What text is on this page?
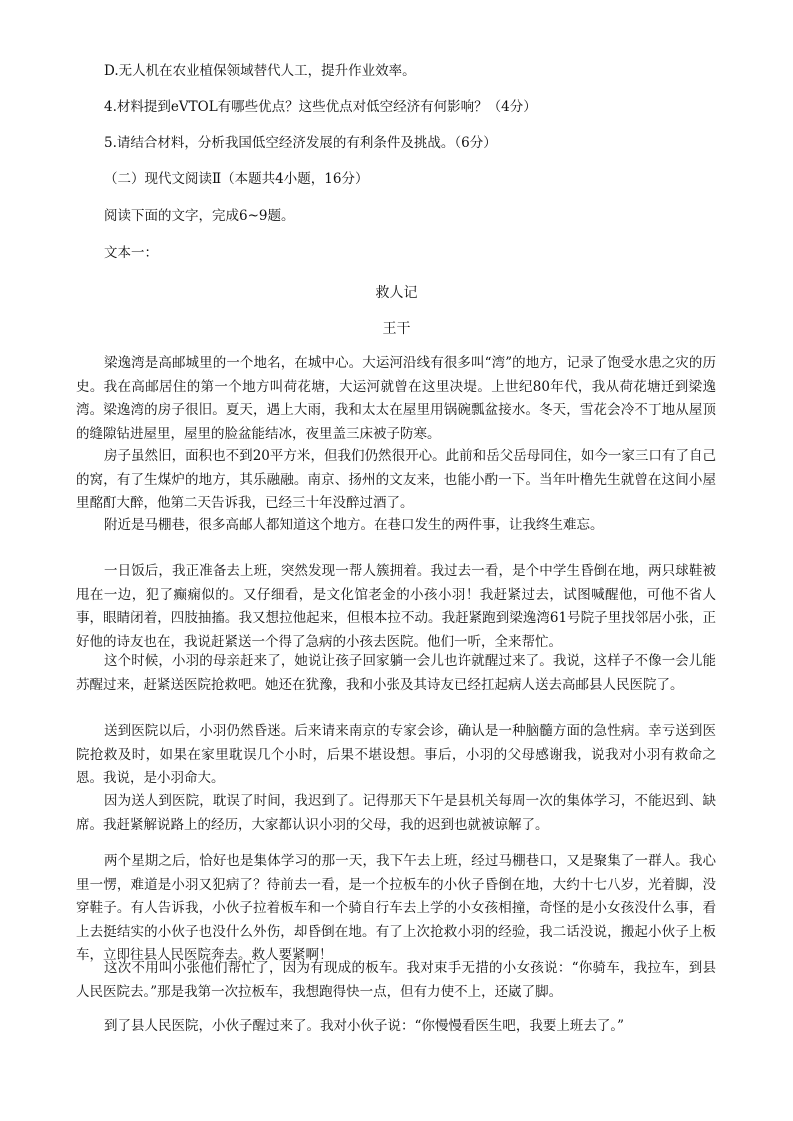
D.无人机在农业植保领域替代人工，提升作业效率。
4.材料提到eVTOL有哪些优点？这些优点对低空经济有何影响？（4分）
5.请结合材料，分析我国低空经济发展的有利条件及挑战。（6分）
（二）现代文阅读Ⅱ（本题共4小题，16分）
阅读下面的文字，完成6~9题。
文本一：
救人记
王干
梁逸湾是高邮城里的一个地名，在城中心。大运河沿线有很多叫“湾”的地方，记录了饱受水患之灾的历史。我在高邮居住的第一个地方叫荷花塘，大运河就曾在这里决堤。上世纪80年代，我从荷花塘迁到梁逸湾。梁逸湾的房子很旧。夏天，遇上大雨，我和太太在屋里用锅碗瓢盆接水。冬天，雪花会冷不丁地从屋顶的缝隙钻进屋里，屋里的脸盆能结冰，夜里盖三床被子防寒。
房子虽然旧，面积也不到20平方米，但我们仍然很开心。此前和岳父岳母同住，如今一家三口有了自己的窝，有了生煤炉的地方，其乐融融。南京、扬州的文友来，也能小酌一下。当年叶橹先生就曾在这间小屋里酩酊大醉，他第二天告诉我，已经三十年没醉过酒了。
附近是马棚巷，很多高邮人都知道这个地方。在巷口发生的两件事，让我终生难忘。
一日饭后，我正准备去上班，突然发现一帮人簇拥着。我过去一看，是个中学生昏倒在地，两只球鞋被甩在一边，犯了癫痫似的。又仔细看，是文化馆老金的小孩小羽！我赶紧过去，试图喊醒他，可他不省人事，眼睛闭着，四肢抽搐。我又想拉他起来，但根本拉不动。我赶紧跑到梁逸湾61号院子里找邻居小张，正好他的诗友也在，我说赶紧送一个得了急病的小孩去医院。他们一听，全来帮忙。
这个时候，小羽的母亲赶来了，她说让孩子回家躺一会儿也许就醒过来了。我说，这样子不像一会儿能苏醒过来，赶紧送医院抢救吧。她还在犹豫，我和小张及其诗友已经扛起病人送去高邮县人民医院了。
送到医院以后，小羽仍然昏迷。后来请来南京的专家会诊，确认是一种脑髓方面的急性病。幸亏送到医院抢救及时，如果在家里耽误几个小时，后果不堪设想。事后，小羽的父母感谢我，说我对小羽有救命之恩。我说，是小羽命大。
因为送人到医院，耽误了时间，我迟到了。记得那天下午是县机关每周一次的集体学习，不能迟到、缺席。我赶紧解说路上的经历，大家都认识小羽的父母，我的迟到也就被谅解了。
两个星期之后，恰好也是集体学习的那一天，我下午去上班，经过马棚巷口，又是聚集了一群人。我心里一愣，难道是小羽又犯病了？待前去一看，是一个拉板车的小伙子昏倒在地，大约十七八岁，光着脚，没穿鞋子。有人告诉我，小伙子拉着板车和一个骑自行车去上学的小女孩相撞，奇怪的是小女孩没什么事，看上去挺结实的小伙子也没什么外伤，却昏倒在地。有了上次抢救小羽的经验，我二话没说，搬起小伙子上板车，立即往县人民医院奔去。救人要紧啊！
这次不用叫小张他们帮忙了，因为有现成的板车。我对束手无措的小女孩说：“你骑车，我拉车，到县人民医院去。”那是我第一次拉板车，我想跑得快一点，但有力使不上，还崴了脚。
到了县人民医院，小伙子醒过来了。我对小伙子说：“你慢慢看医生吧，我要上班去了。”
